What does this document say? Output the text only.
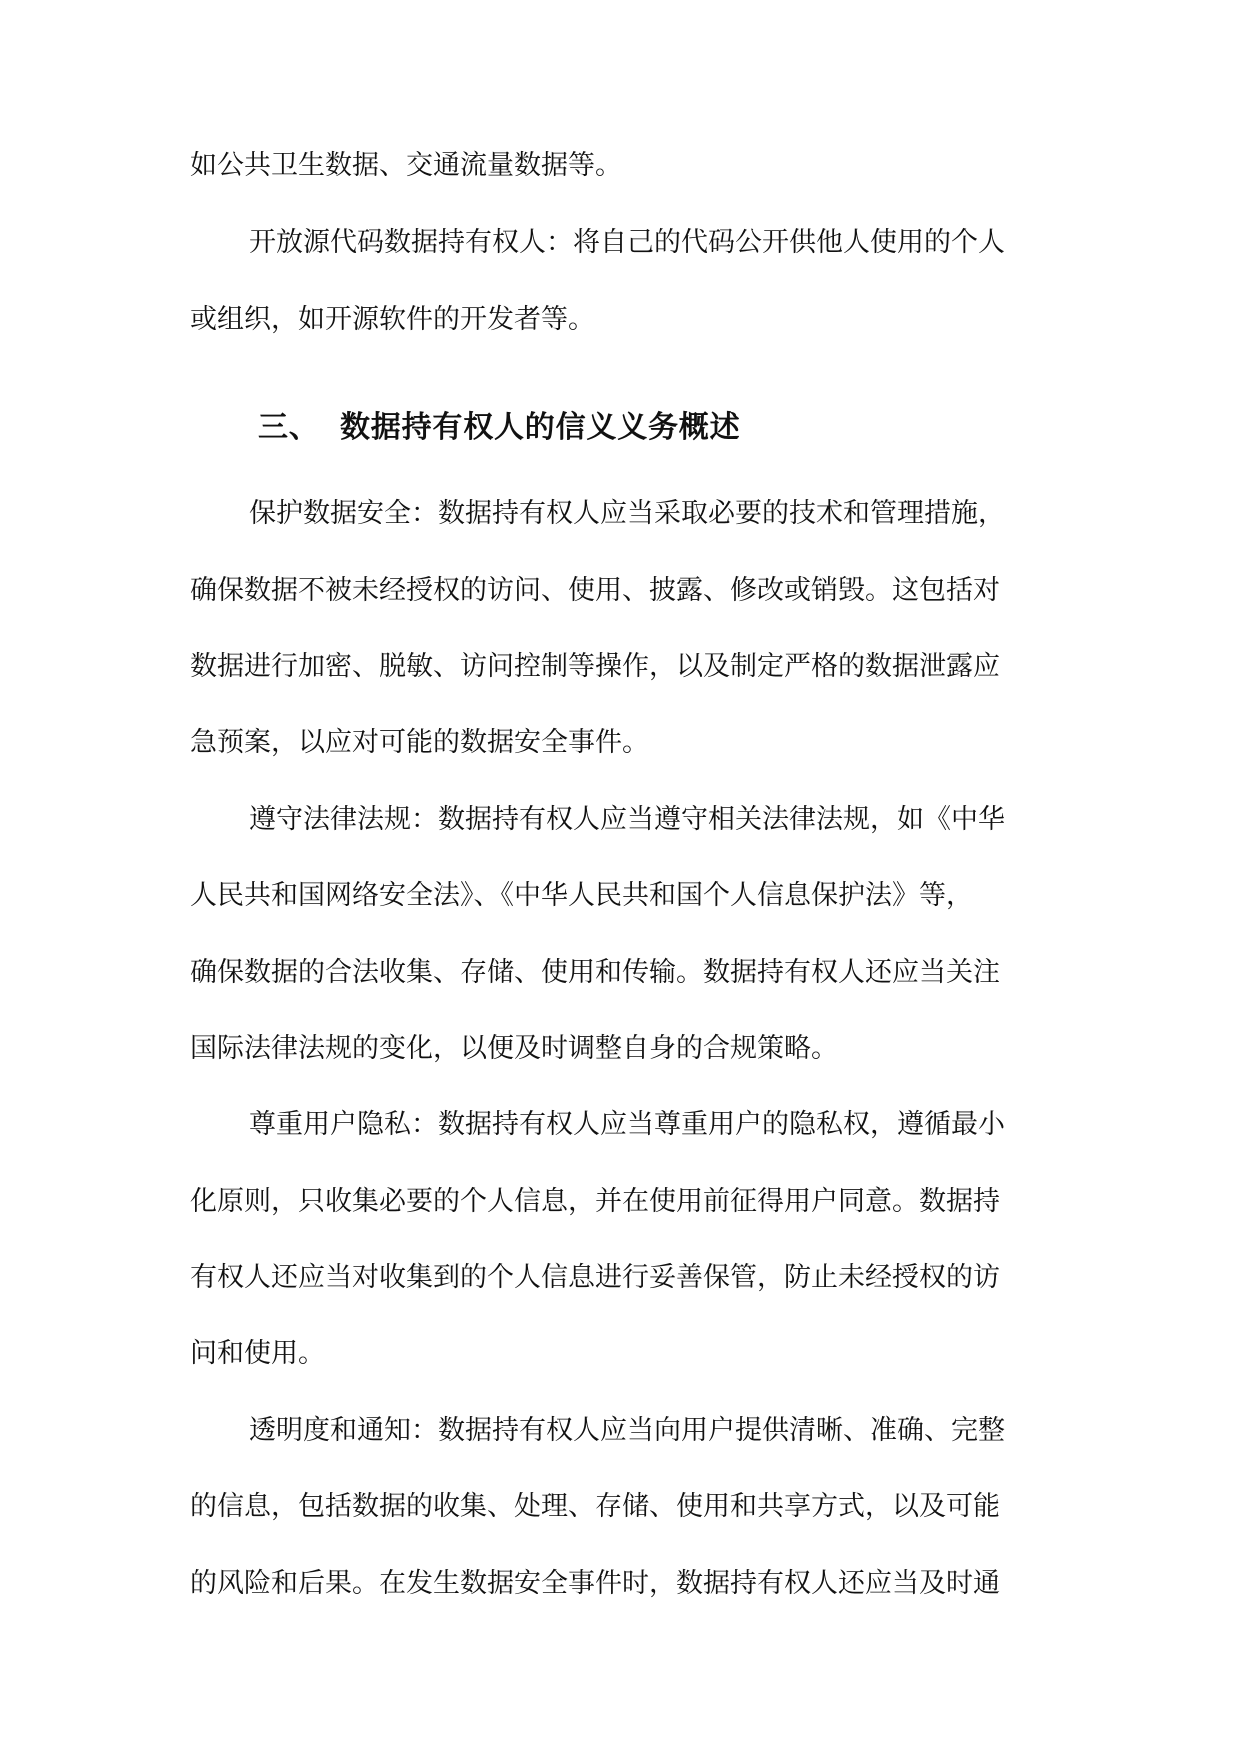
如公共卫生数据、交通流量数据等。
开放源代码数据持有权人：将自己的代码公开供他人使用的个人
或组织，如开源软件的开发者等。
三、 数据持有权人的信义义务概述
保护数据安全：数据持有权人应当采取必要的技术和管理措施，
确保数据不被未经授权的访问、使用、披露、修改或销毁。这包括对
数据进行加密、脱敏、访问控制等操作，以及制定严格的数据泄露应
急预案，以应对可能的数据安全事件。
遵守法律法规：数据持有权人应当遵守相关法律法规，如《中华
人民共和国网络安全法》、《中华人民共和国个人信息保护法》等，
确保数据的合法收集、存储、使用和传输。数据持有权人还应当关注
国际法律法规的变化，以便及时调整自身的合规策略。
尊重用户隐私：数据持有权人应当尊重用户的隐私权，遵循最小
化原则，只收集必要的个人信息，并在使用前征得用户同意。数据持
有权人还应当对收集到的个人信息进行妥善保管，防止未经授权的访
问和使用。
透明度和通知：数据持有权人应当向用户提供清晰、准确、完整
的信息，包括数据的收集、处理、存储、使用和共享方式，以及可能
的风险和后果。在发生数据安全事件时，数据持有权人还应当及时通
